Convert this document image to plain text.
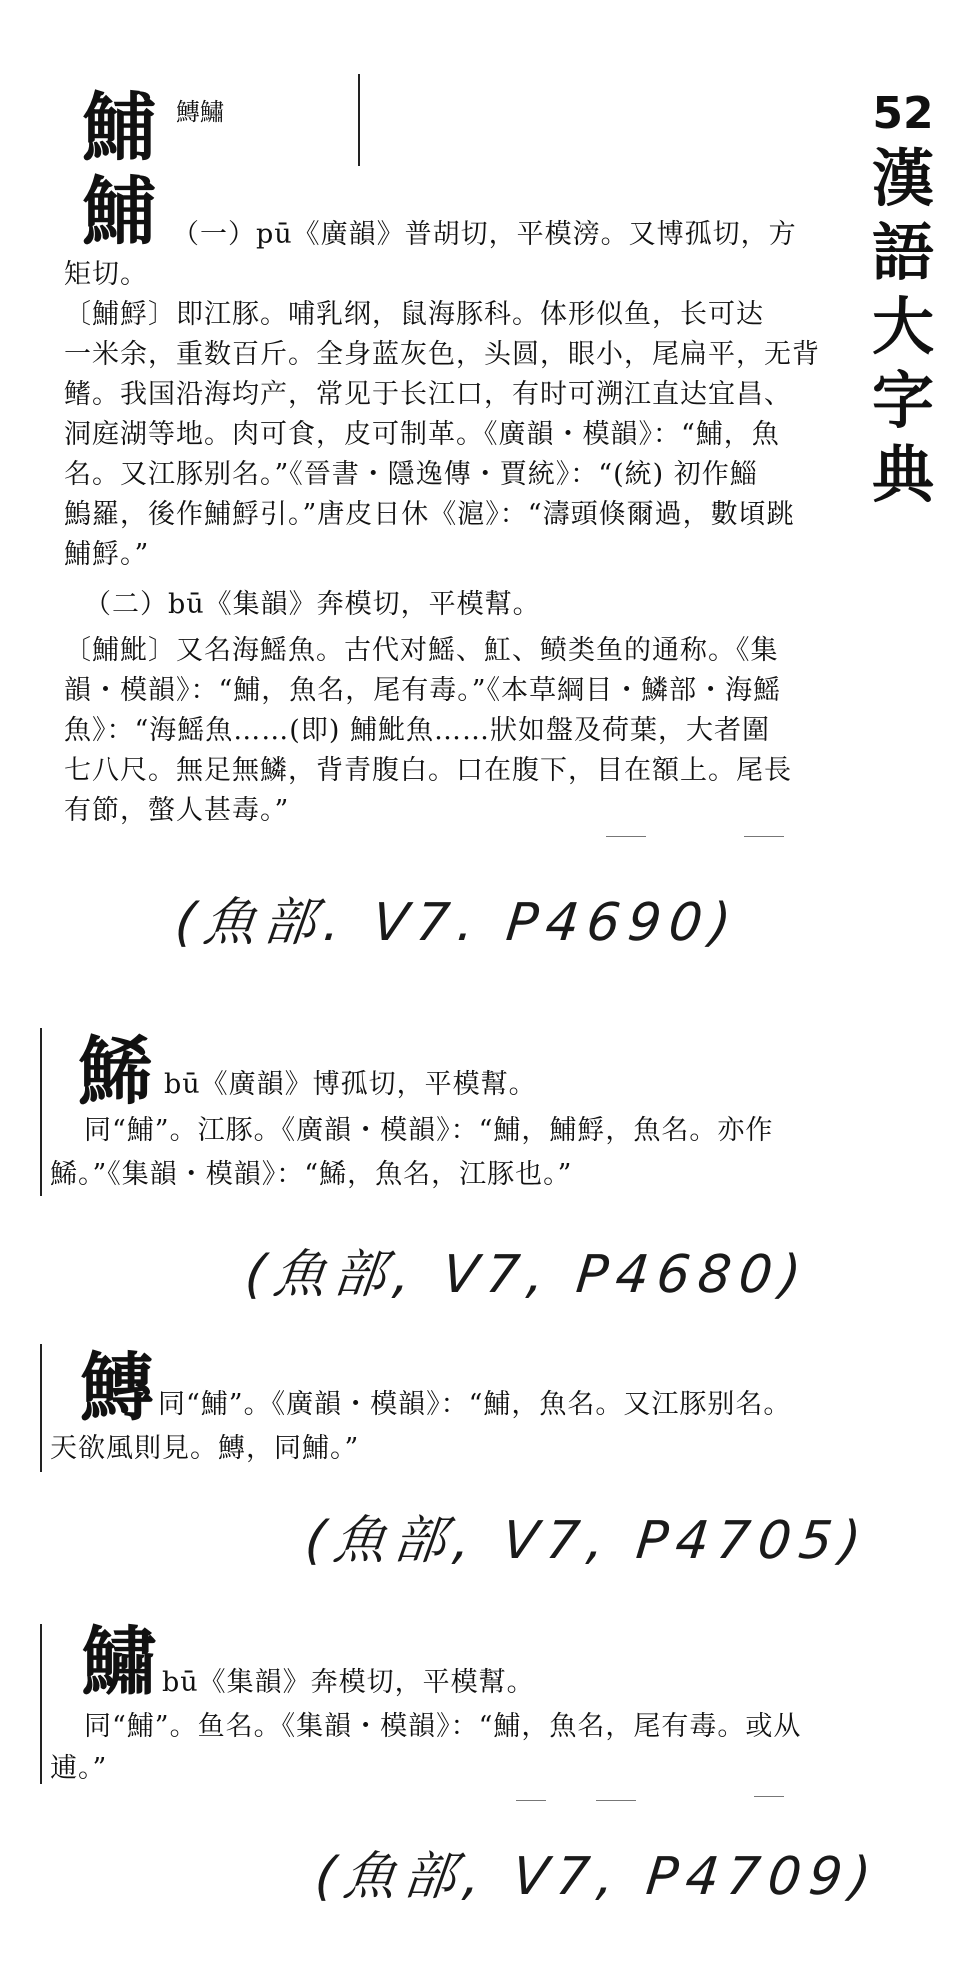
52
漢
語
大
字
典
鯆 鱄鱐
鯆 （一）pū《廣韻》普胡切，平模滂。又博孤切，方
矩切。
〔鯆䱐〕即江豚。哺乳纲，鼠海豚科。体形似鱼，长可达
一米余，重数百斤。全身蓝灰色，头圆，眼小，尾扁平，无背
鳍。我国沿海均产，常见于长江口，有时可溯江直达宜昌、
洞庭湖等地。肉可食，皮可制革。《廣韻・模韻》：“鯆，魚
名。又江豚别名。”《晉書・隱逸傳・賈統》：“(統) 初作鯔
鰞羅，後作鯆䱐引。”唐皮日休《滬》：“濤頭倏爾過，數頃跳
鯆䱐。”
（二）bū《集韻》奔模切，平模幫。
〔鯆魮〕又名海鰩魚。古代对鰩、魟、鲼类鱼的通称。《集
韻・模韻》：“鯆，魚名，尾有毒。”《本草綱目・鱗部・海鰩
魚》：“海鰩魚……(即) 鯆魮魚……狀如盤及荷葉，大者圍
七八尺。無足無鱗，背青腹白。口在腹下，目在額上。尾長
有節，螫人甚毒。”
(魚部. V7. P4690)
鯑 bū《廣韻》博孤切，平模幫。
同“鯆”。江豚。《廣韻・模韻》：“鯆，鯆䱐，魚名。亦作
鯑。”《集韻・模韻》：“鯑，魚名，江豚也。”
(魚部, V7, P4680)
鱄 同“鯆”。《廣韻・模韻》：“鯆，魚名。又江豚别名。
天欲風則見。鱄，同鯆。”
(魚部, V7, P4705)
鱐 bū《集韻》奔模切，平模幫。
同“鯆”。鱼名。《集韻・模韻》：“鯆，魚名，尾有毒。或从
逋。”
(魚部, V7, P4709)
